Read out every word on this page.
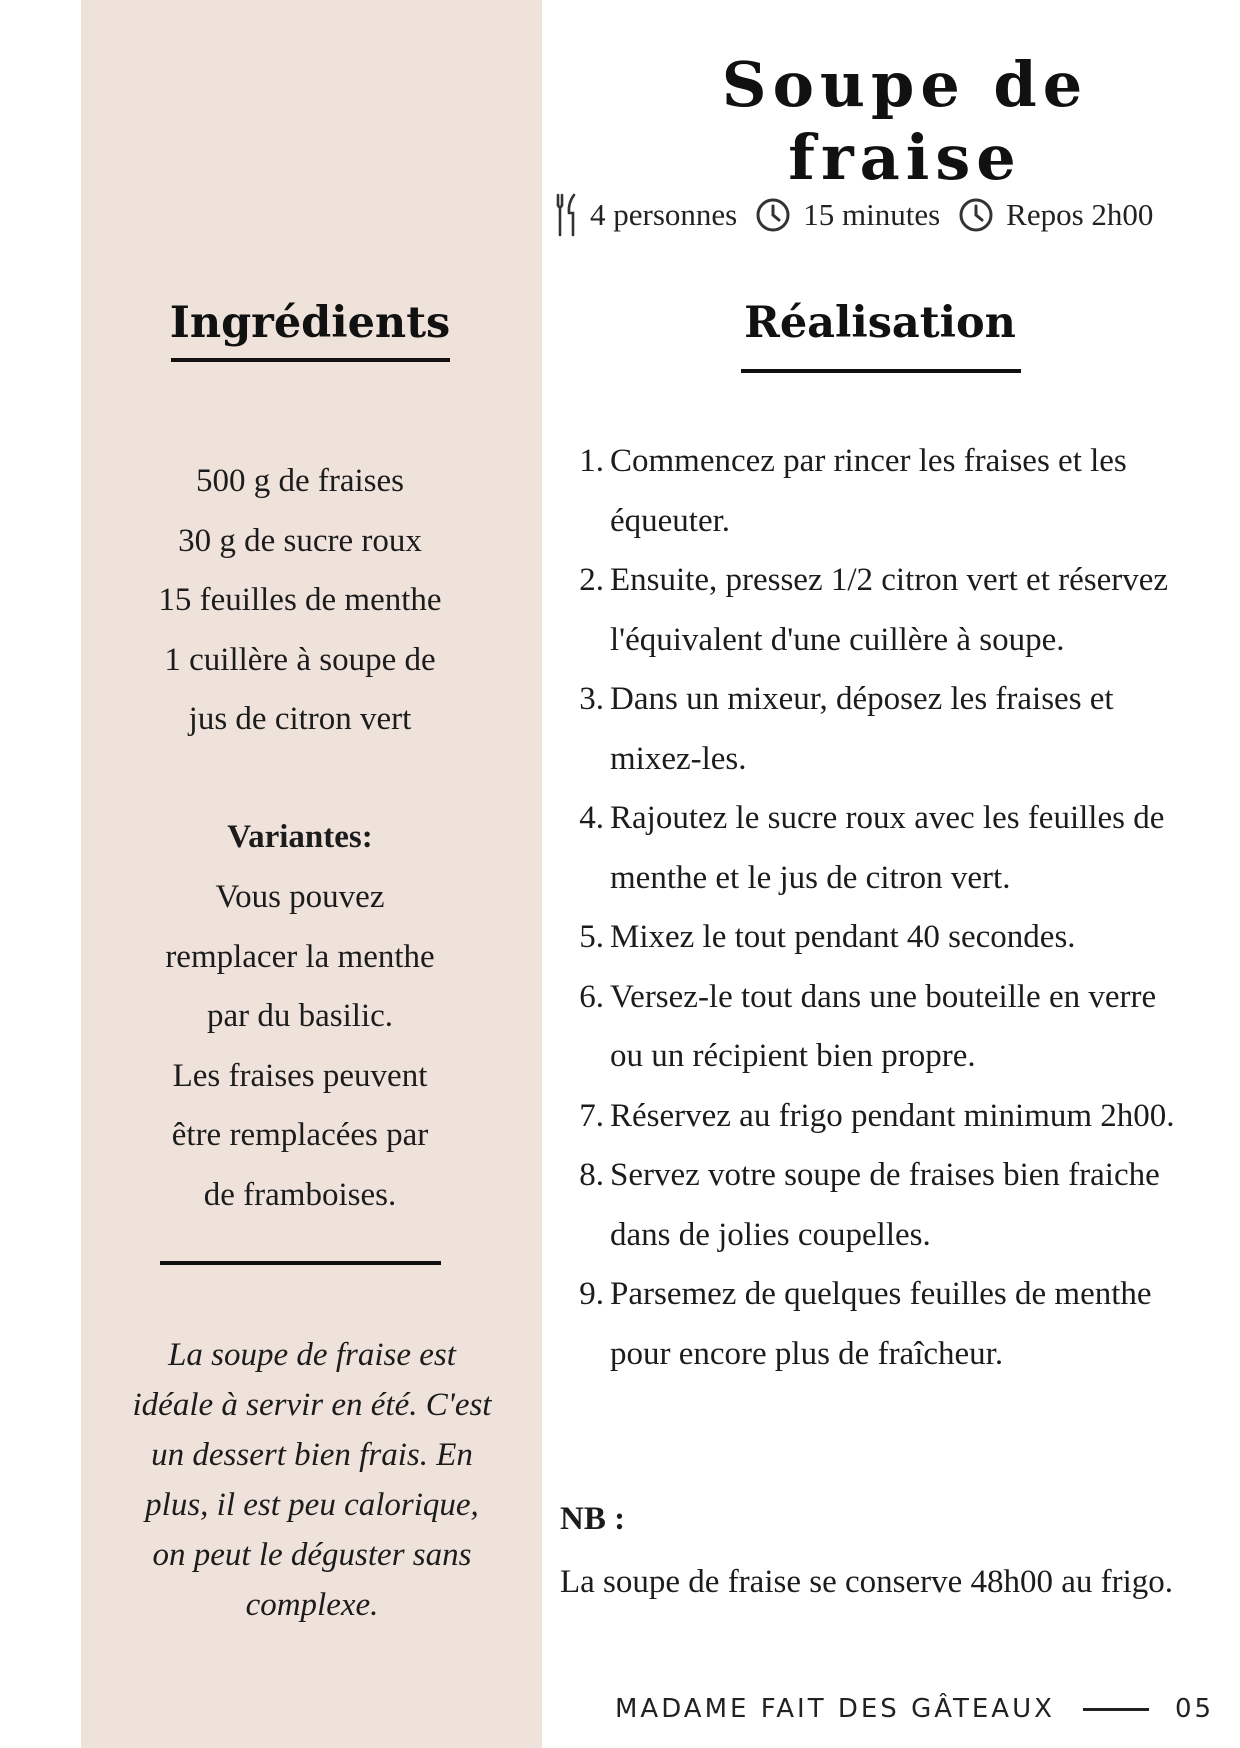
Soupe de fraise
4 personnes 15 minutes Repos 2h00
Ingrédients
500 g de fraises
30 g de sucre roux
15 feuilles de menthe
1 cuillère à soupe de
jus de citron vert
Variantes:
Vous pouvez
remplacer la menthe
par du basilic.
Les fraises peuvent
être remplacées par
de framboises.
La soupe de fraise est
idéale à servir en été. C'est
un dessert bien frais. En
plus, il est peu calorique,
on peut le déguster sans
complexe.
Réalisation
1. Commencez par rincer les fraises et les
équeuter.
2. Ensuite, pressez 1/2 citron vert et réservez
l'équivalent d'une cuillère à soupe.
3. Dans un mixeur, déposez les fraises et
mixez-les.
4. Rajoutez le sucre roux avec les feuilles de
menthe et le jus de citron vert.
5. Mixez le tout pendant 40 secondes.
6. Versez-le tout dans une bouteille en verre
ou un récipient bien propre.
7. Réservez au frigo pendant minimum 2h00.
8. Servez votre soupe de fraises bien fraiche
dans de jolies coupelles.
9. Parsemez de quelques feuilles de menthe
pour encore plus de fraîcheur.
NB :
La soupe de fraise se conserve 48h00 au frigo.
MADAME FAIT DES GÂTEAUX	05
